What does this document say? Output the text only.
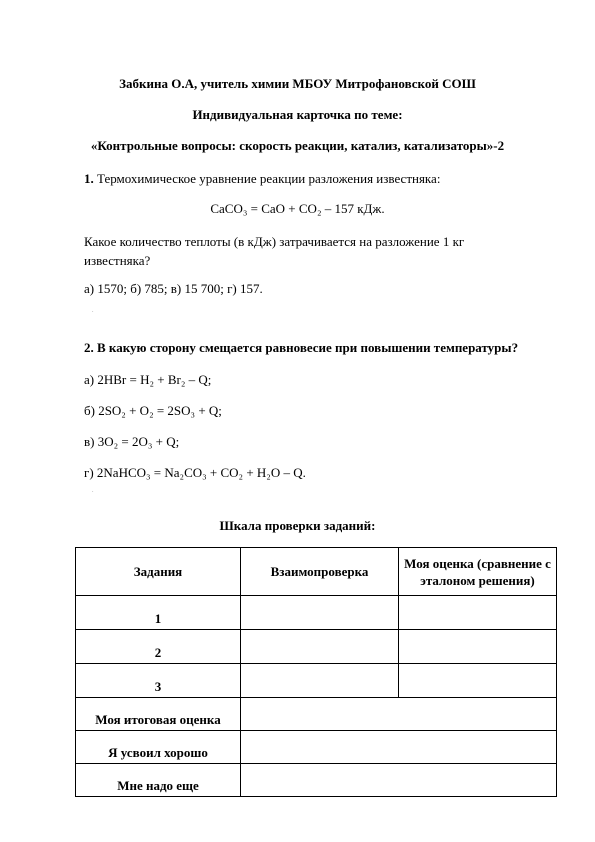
Забкина О.А, учитель химии МБОУ Митрофановской СОШ
Индивидуальная карточка по теме:
«Контрольные вопросы: скорость реакции, катализ, катализаторы»-2
1. Термохимическое уравнение реакции разложения известняка:
CaCO₃ = CaO + CO₂ – 157 кДж.
Какое количество теплоты (в кДж) затрачивается на разложение 1 кг известняка?
а) 1570; б) 785; в) 15 700; г) 157.
.
2. В какую сторону смещается равновесие при повышении температуры?
а) 2HBr = H₂ + Br₂ – Q;
б) 2SO₂ + O₂ = 2SO₃ + Q;
в) 3O₂ = 2O₃ + Q;
г) 2NaHCO₃ = Na₂CO₃ + CO₂ + H₂O – Q.
.
Шкала проверки заданий:
Задания	Взаимопроверка	Моя оценка (сравнение с эталоном решения)
1		
2		
3		
Моя итоговая оценка		
Я усвоил хорошо		
Мне надо еще		
